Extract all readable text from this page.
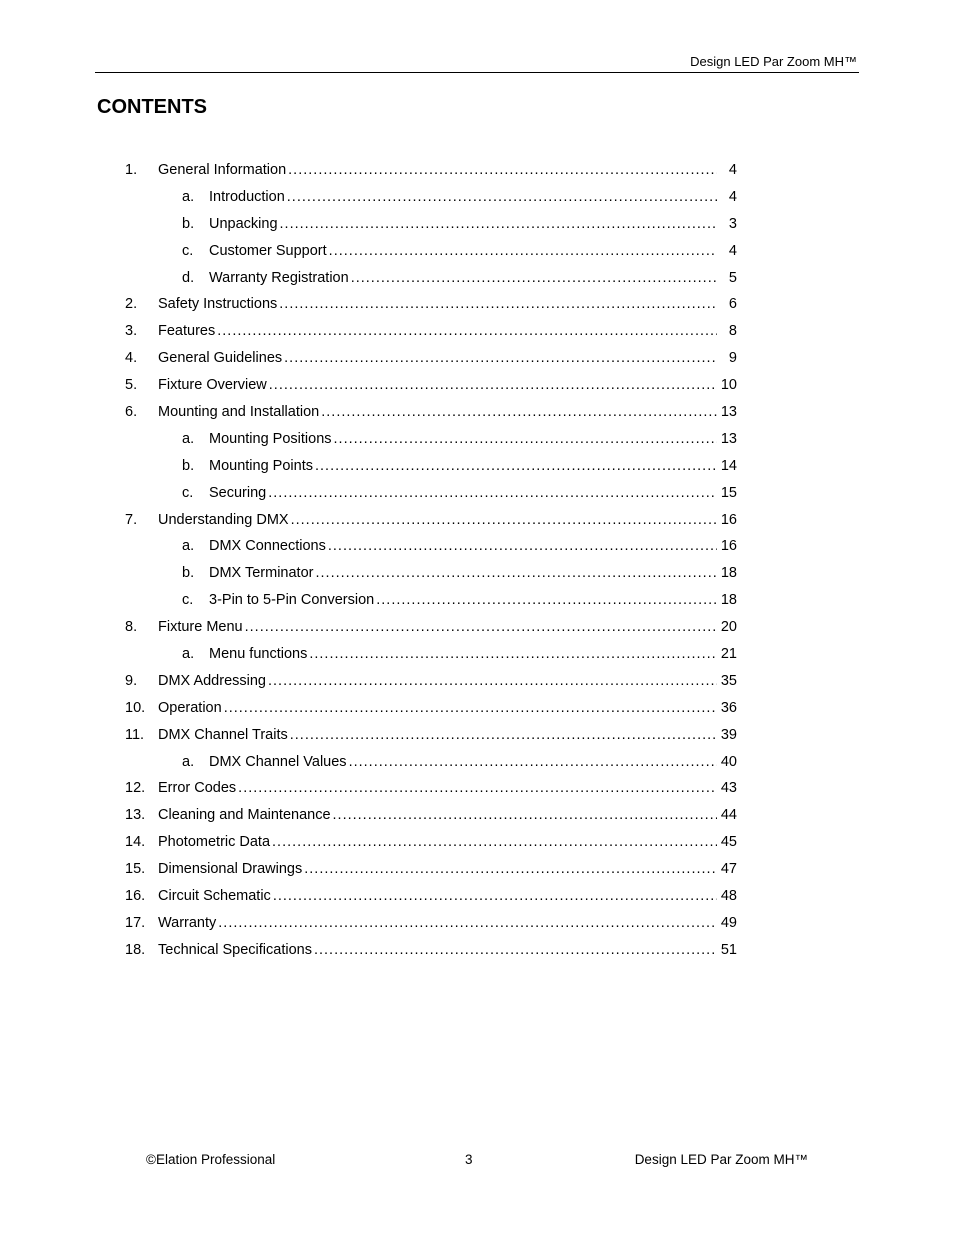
Design LED Par Zoom MH™
CONTENTS
1. General Information .....	4
a. Introduction .....	4
b. Unpacking .....	3
c. Customer Support .....	4
d. Warranty Registration .....	5
2. Safety Instructions .....	6
3. Features .....	8
4. General Guidelines .....	9
5. Fixture Overview .....	10
6. Mounting and Installation .....	13
a. Mounting Positions .....	13
b. Mounting Points .....	14
c. Securing .....	15
7. Understanding DMX .....	16
a. DMX Connections .....	16
b. DMX Terminator .....	18
c. 3-Pin to 5-Pin Conversion .....	18
8. Fixture Menu .....	20
a. Menu functions .....	21
9. DMX Addressing .....	35
10. Operation .....	36
11. DMX Channel Traits .....	39
a. DMX Channel Values .....	40
12. Error Codes .....	43
13. Cleaning and Maintenance .....	44
14. Photometric Data .....	45
15. Dimensional Drawings .....	47
16. Circuit Schematic .....	48
17. Warranty .....	49
18. Technical Specifications .....	51
©Elation Professional	3	Design LED Par Zoom MH™
